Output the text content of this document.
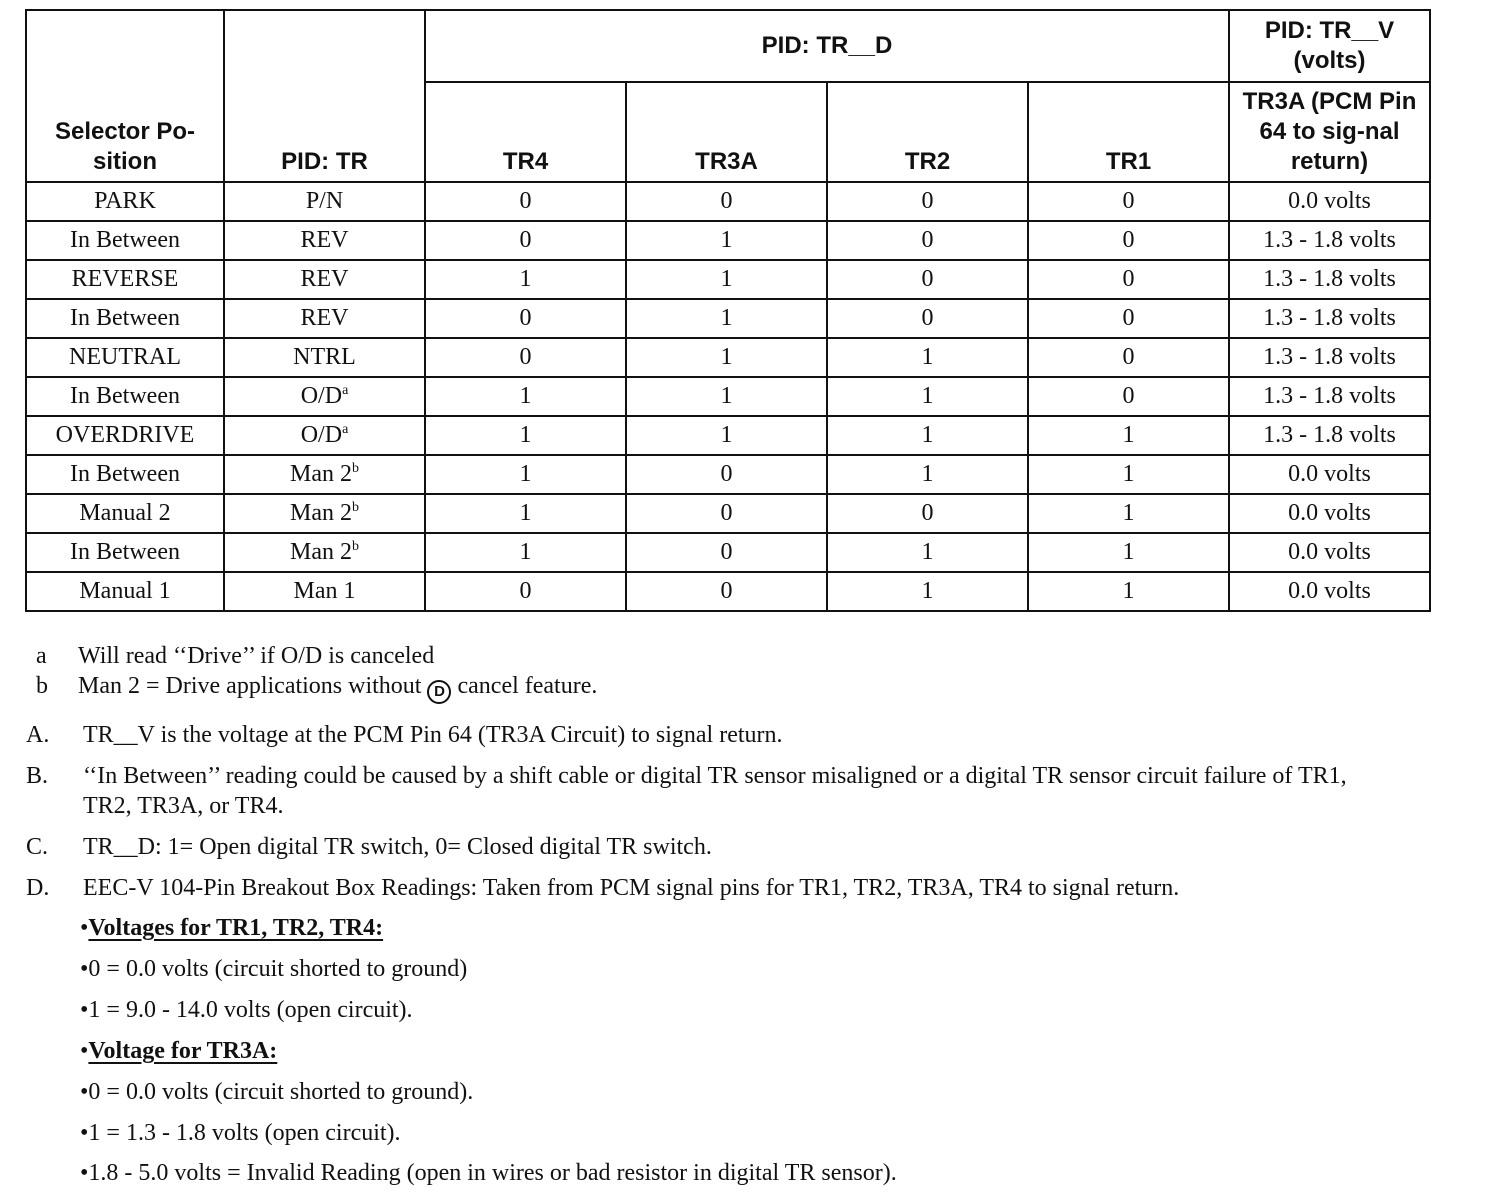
Selector Po-sition	PID: TR	PID: TR__D				PID: TR__V (volts)
		TR4	TR3A	TR2	TR1	TR3A (PCM Pin 64 to sig-nal return)
PARK	P/N	0	0	0	0	0.0 volts
In Between	REV	0	1	0	0	1.3 - 1.8 volts
REVERSE	REV	1	1	0	0	1.3 - 1.8 volts
In Between	REV	0	1	0	0	1.3 - 1.8 volts
NEUTRAL	NTRL	0	1	1	0	1.3 - 1.8 volts
In Between	$O/D^a$	1	1	1	0	1.3 - 1.8 volts
OVERDRIVE	$O/D^a$	1	1	1	1	1.3 - 1.8 volts
In Between	Man 2$^b$	1	0	1	1	0.0 volts
Manual 2	Man 2$^b$	1	0	0	1	0.0 volts
In Between	Man 2$^b$	1	0	1	1	0.0 volts
Manual 1	Man 1	0	0	1	1	0.0 volts
a Will read ‘‘Drive’’ if O/D is canceled
b Man 2 = Drive applications without D cancel feature.
A. TR__V is the voltage at the PCM Pin 64 (TR3A Circuit) to signal return.
B. ‘‘In Between’’ reading could be caused by a shift cable or digital TR sensor misaligned or a digital TR sensor circuit failure of TR1, TR2, TR3A, or TR4.
C. TR__D: 1= Open digital TR switch, 0= Closed digital TR switch.
D. EEC-V 104-Pin Breakout Box Readings: Taken from PCM signal pins for TR1, TR2, TR3A, TR4 to signal return.
•Voltages for TR1, TR2, TR4:
•0 = 0.0 volts (circuit shorted to ground)
•1 = 9.0 - 14.0 volts (open circuit).
•Voltage for TR3A:
•0 = 0.0 volts (circuit shorted to ground).
•1 = 1.3 - 1.8 volts (open circuit).
•1.8 - 5.0 volts = Invalid Reading (open in wires or bad resistor in digital TR sensor).
